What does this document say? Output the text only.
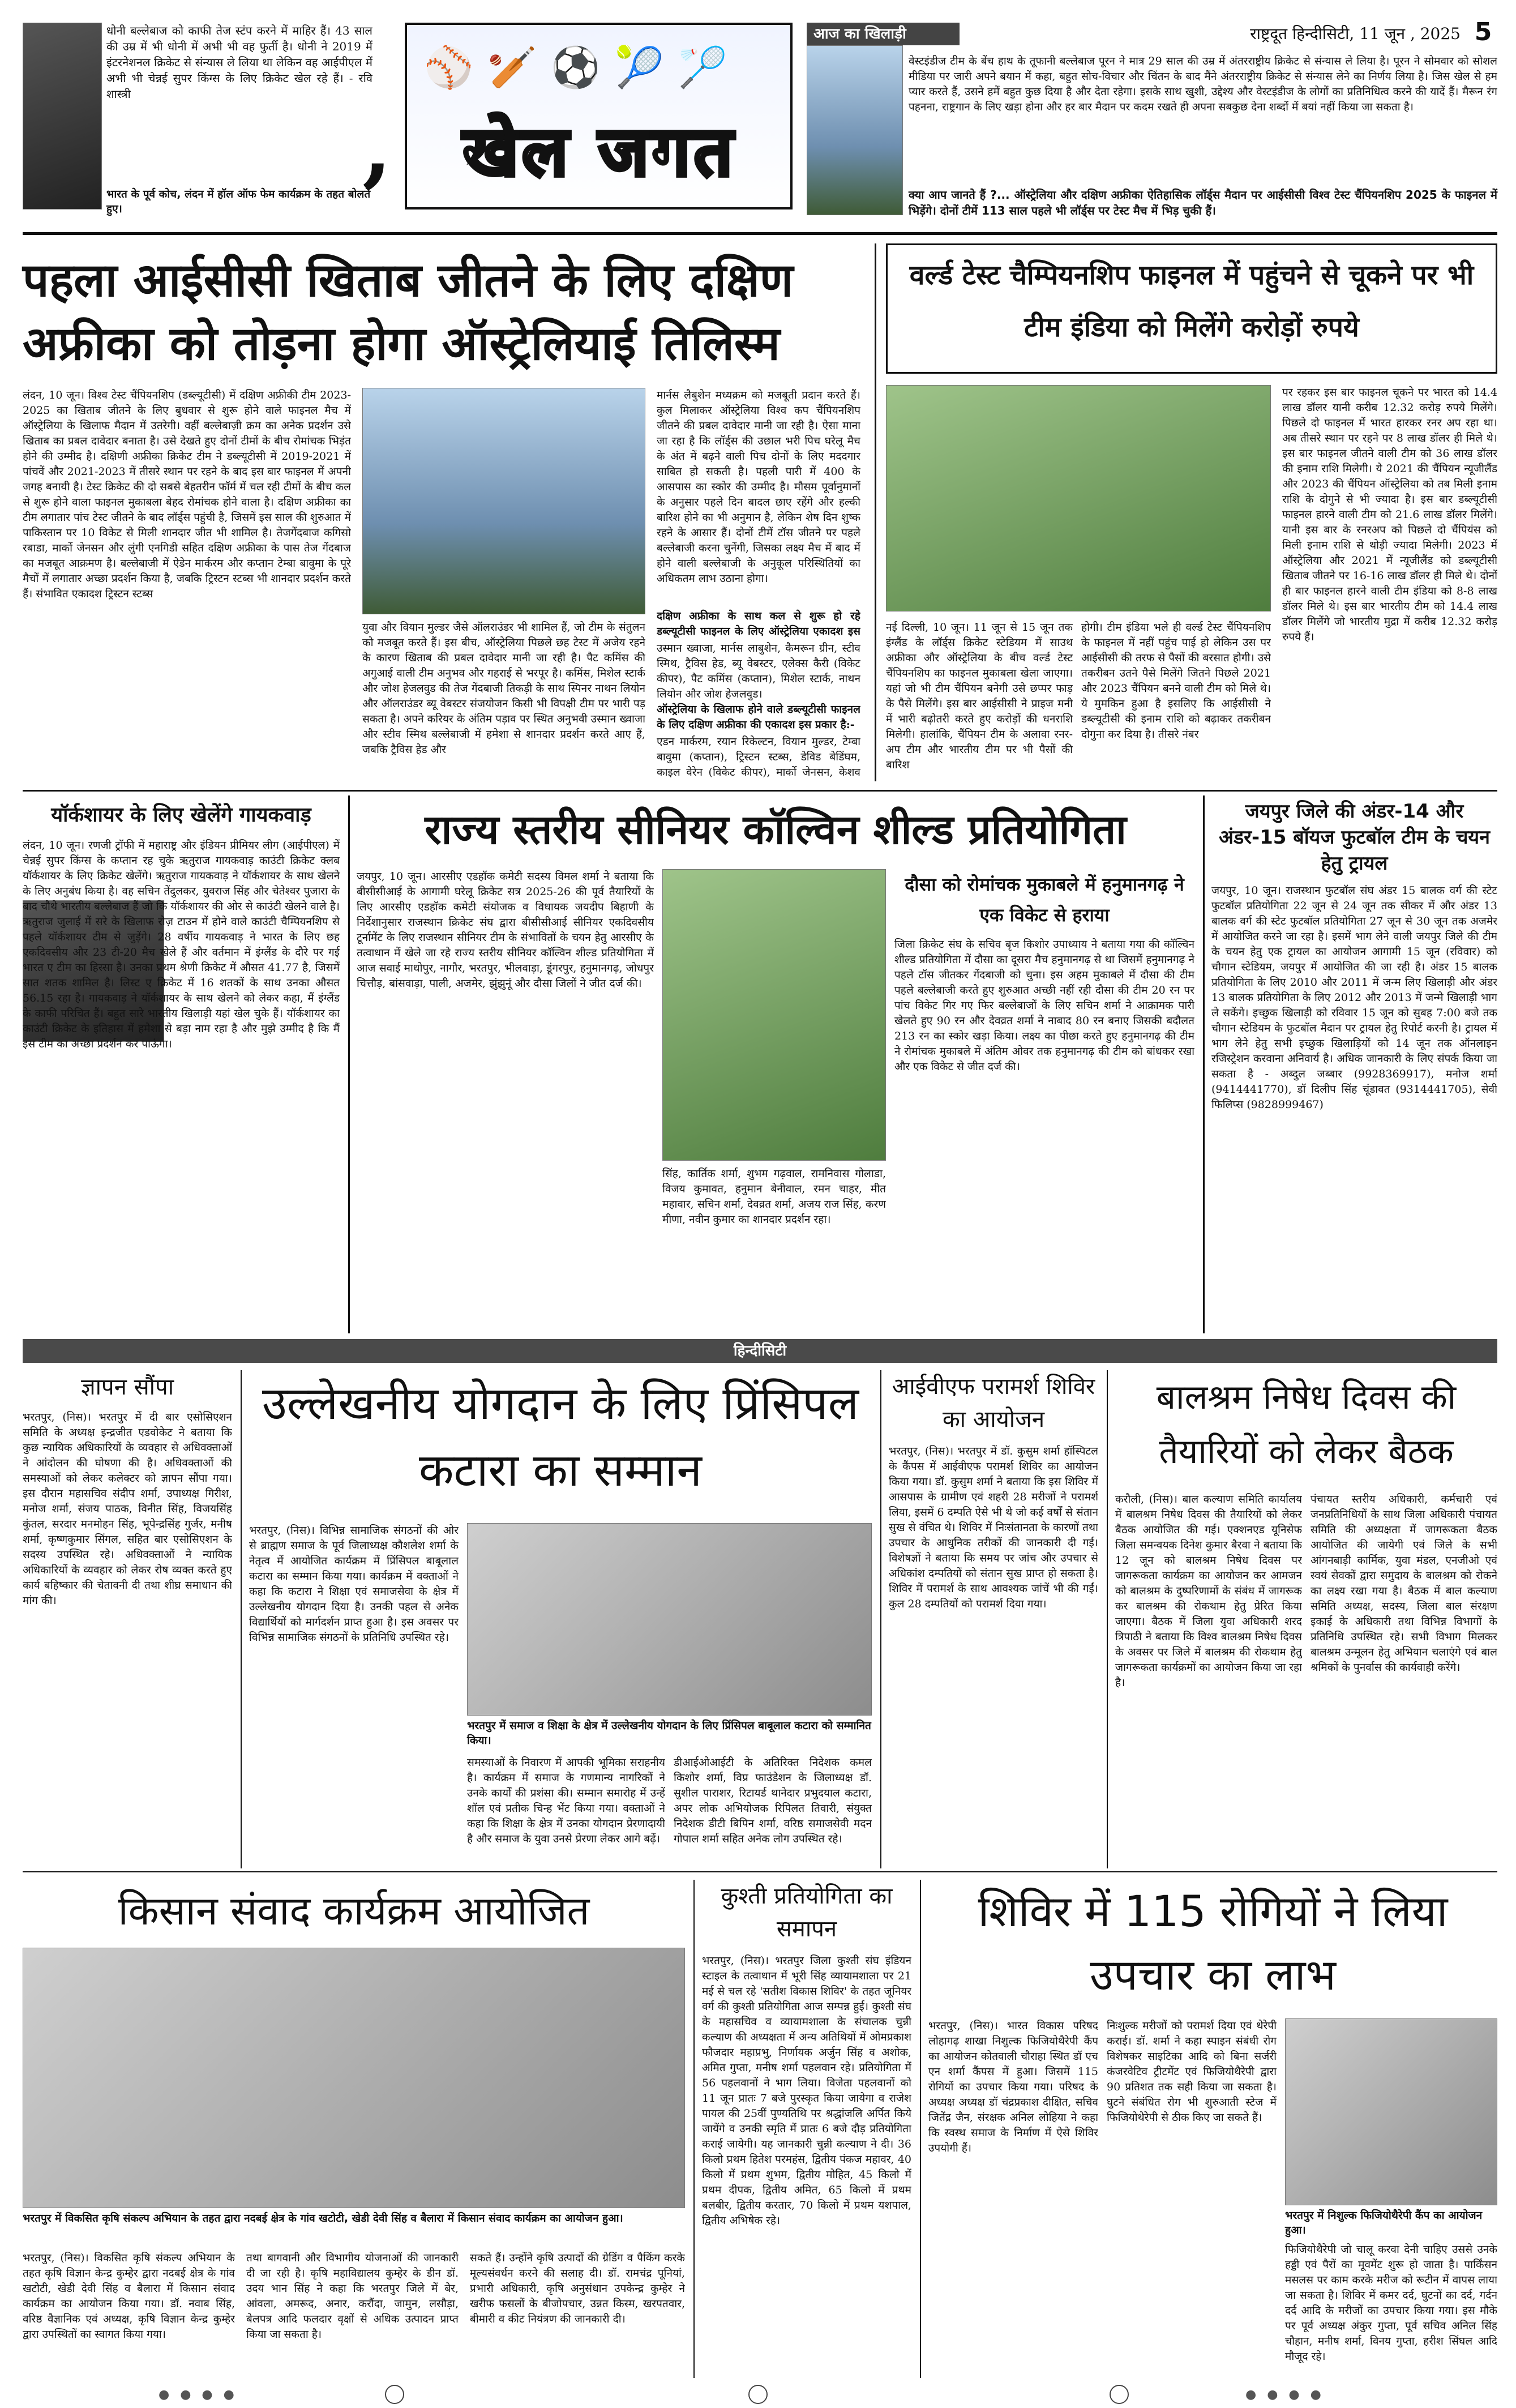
धोनी बल्लेबाज को काफी तेज स्टंप करने में माहिर हैं। 43 साल की उम्र में भी धोनी में अभी भी वह फुर्ती है। धोनी ने 2019 में इंटरनेशनल क्रिकेट से संन्यास ले लिया था लेकिन वह आईपीएल में अभी भी चेन्नई सुपर किंग्स के लिए क्रिकेट खेल रहे हैं। - रवि शास्त्री
भारत के पूर्व कोच, लंदन में हॉल ऑफ फेम कार्यक्रम के तहत बोलते हुए।
,
⚾🏏⚽🎾🏸
खेल जगत
आज का खिलाड़ी	राष्ट्रदूत हिन्दीसिटी, 11 जून , 2025 5
वेस्टइंडीज टीम के बेंच हाथ के तूफानी बल्लेबाज पूरन ने मात्र 29 साल की उम्र में अंतरराष्ट्रीय क्रिकेट से संन्यास ले लिया है। पूरन ने सोमवार को सोशल मीडिया पर जारी अपने बयान में कहा, बहुत सोच-विचार और चिंतन के बाद मैंने अंतरराष्ट्रीय क्रिकेट से संन्यास लेने का निर्णय लिया है। जिस खेल से हम प्यार करते हैं, उसने हमें बहुत कुछ दिया है और देता रहेगा। इसके साथ खुशी, उद्देश्य और वेस्टइंडीज के लोगों का प्रतिनिधित्व करने की यादें हैं। मैरून रंग पहनना, राष्ट्रगान के लिए खड़ा होना और हर बार मैदान पर कदम रखते ही अपना सबकुछ देना शब्दों में बयां नहीं किया जा सकता है।
क्या आप जानते हैं ?... ऑस्ट्रेलिया और दक्षिण अफ्रीका ऐतिहासिक लॉर्ड्स मैदान पर आईसीसी विश्व टेस्ट चैंपियनशिप 2025 के फाइनल में भिड़ेंगे। दोनों टीमें 113 साल पहले भी लॉर्ड्स पर टेस्ट मैच में भिड़ चुकी हैं।
पहला आईसीसी खिताब जीतने के लिए दक्षिण अफ्रीका को तोड़ना होगा ऑस्ट्रेलियाई तिलिस्म
लंदन, 10 जून। विश्व टेस्ट चैंपियनशिप (डब्ल्यूटीसी) में दक्षिण अफ्रीकी टीम 2023-2025 का खिताब जीतने के लिए बुधवार से शुरू होने वाले फाइनल मैच में ऑस्ट्रेलिया के खिलाफ मैदान में उतरेगी। वहीं बल्लेबाज़ी क्रम का अनेक प्रदर्शन उसे खिताब का प्रबल दावेदार बनाता है। उसे देखते हुए दोनों टीमों के बीच रोमांचक भिड़ंत होने की उम्मीद है। दक्षिणी अफ्रीका क्रिकेट टीम ने डब्ल्यूटीसी में 2019-2021 में पांचवें और 2021-2023 में तीसरे स्थान पर रहने के बाद इस बार फाइनल में अपनी जगह बनायी है। टेस्ट क्रिकेट की दो सबसे बेहतरीन फॉर्म में चल रही टीमों के बीच कल से शुरू होने वाला फाइनल मुकाबला बेहद रोमांचक होने वाला है। दक्षिण अफ्रीका का टीम लगातार पांच टेस्ट जीतने के बाद लॉर्ड्स पहुंची है, जिसमें इस साल की शुरुआत में पाकिस्तान पर 10 विकेट से मिली शानदार जीत भी शामिल है। तेजगेंदबाज कगिसो रबाडा, मार्को जेनसन और लुंगी एनगिडी सहित दक्षिण अफ्रीका के पास तेज गेंदबाज का मजबूत आक्रमण है। बल्लेबाजी में ऐडेन मार्करम और कप्तान टेम्बा बावुमा के पूरे मैचों में लगातार अच्छा प्रदर्शन किया है, जबकि ट्रिस्टन स्टब्स भी शानदार प्रदर्शन करते हैं। संभावित एकादश ट्रिस्टन स्टब्स
युवा और वियान मुल्डर जैसे ऑलराउंडर भी शामिल हैं, जो टीम के संतुलन को मजबूत करते हैं। इस बीच, ऑस्ट्रेलिया पिछले छह टेस्ट में अजेय रहने के कारण खिताब की प्रबल दावेदार मानी जा रही है। पैट कमिंस की अगुआई वाली टीम अनुभव और गहराई से भरपूर है। कमिंस, मिशेल स्टार्क और जोश हेजलवुड की तेज गेंदबाजी तिकड़ी के साथ स्पिनर नाथन लियोन और ऑलराउंडर ब्यू वेबस्टर संजयोजन किसी भी विपक्षी टीम पर भारी पड़ सकता है। अपने करियर के अंतिम पड़ाव पर स्थित अनुभवी उस्मान ख्वाजा और स्टीव स्मिथ बल्लेबाजी में हमेशा से शानदार प्रदर्शन करते आए हैं, जबकि ट्रैविस हेड और
मार्नस लैबुशेन मध्यक्रम को मजबूती प्रदान करते हैं। कुल मिलाकर ऑस्ट्रेलिया विश्व कप चैंपियनशिप जीतने की प्रबल दावेदार मानी जा रही है। ऐसा माना जा रहा है कि लॉर्ड्स की उछाल भरी पिच घरेलू मैच के अंत में बढ़ने वाली पिच दोनों के लिए मददगार साबित हो सकती है। पहली पारी में 400 के आसपास का स्कोर की उम्मीद है। मौसम पूर्वानुमानों के अनुसार पहले दिन बादल छाए रहेंगे और हल्की बारिश होने का भी अनुमान है, लेकिन शेष दिन शुष्क रहने के आसार हैं। दोनों टीमें टॉस जीतने पर पहले बल्लेबाजी करना चुनेंगी, जिसका लक्ष्य मैच में बाद में होने वाली बल्लेबाजी के अनुकूल परिस्थितियों का अधिकतम लाभ उठाना होगा।
दक्षिण अफ्रीका के साथ कल से शुरू हो रहे डब्ल्यूटीसी फाइनल के लिए ऑस्ट्रेलिया एकादश इस
उस्मान ख्वाजा, मार्नस लाबुशेन, कैमरून ग्रीन, स्टीव स्मिथ, ट्रैविस हेड, ब्यू वेबस्टर, एलेक्स कैरी (विकेट कीपर), पैट कमिंस (कप्तान), मिशेल स्टार्क, नाथन लियोन और जोश हेजलवुड।
ऑस्ट्रेलिया के खिलाफ होने वाले डब्ल्यूटीसी फाइनल के लिए दक्षिण अफ्रीका की एकादश इस प्रकार है:-
एडन मार्करम, रयान रिकेल्टन, वियान मुल्डर, टेम्बा बावुमा (कप्तान), ट्रिस्टन स्टब्स, डेविड बेडिंघम, काइल वेरेन (विकेट कीपर), मार्को जेनसन, केशव
वर्ल्ड टेस्ट चैम्पियनशिप फाइनल में पहुंचने से चूकने पर भी टीम इंडिया को मिलेंगे करोड़ों रुपये
नई दिल्ली, 10 जून। 11 जून से 15 जून तक इंग्लैंड के लॉर्ड्स क्रिकेट स्टेडियम में साउथ अफ्रीका और ऑस्ट्रेलिया के बीच वर्ल्ड टेस्ट चैंपियनशिप का फाइनल मुकाबला खेला जाएगा। यहां जो भी टीम चैंपियन बनेगी उसे छप्पर फाड़ के पैसे मिलेंगे। इस बार आईसीसी ने प्राइज मनी में भारी बढ़ोतरी करते हुए करोड़ों की धनराशि मिलेगी। हालांकि, चैंपियन टीम के अलावा रनर-अप टीम और भारतीय टीम पर भी पैसों की बारिश
होगी। टीम इंडिया भले ही वर्ल्ड टेस्ट चैंपियनशिप के फाइनल में नहीं पहुंच पाई हो लेकिन उस पर आईसीसी की तरफ से पैसों की बरसात होगी। उसे तकरीबन उतने पैसे मिलेंगे जितने पिछले 2021 और 2023 चैंपियन बनने वाली टीम को मिले थे। ये मुमकिन हुआ है इसलिए कि आईसीसी ने डब्ल्यूटीसी की इनाम राशि को बढ़ाकर तकरीबन दोगुना कर दिया है। तीसरे नंबर
पर रहकर इस बार फाइनल चूकने पर भारत को 14.4 लाख डॉलर यानी करीब 12.32 करोड़ रुपये मिलेंगे। पिछले दो फाइनल में भारत हारकर रनर अप रहा था। अब तीसरे स्थान पर रहने पर 8 लाख डॉलर ही मिले थे। इस बार फाइनल जीतने वाली टीम को 36 लाख डॉलर की इनाम राशि मिलेगी। ये 2021 की चैंपियन न्यूजीलैंड और 2023 की चैंपियन ऑस्ट्रेलिया को तब मिली इनाम राशि के दोगुने से भी ज्यादा है। इस बार डब्ल्यूटीसी फाइनल हारने वाली टीम को 21.6 लाख डॉलर मिलेंगे। यानी इस बार के रनरअप को पिछले दो चैंपियंस को मिली इनाम राशि से थोड़ी ज्यादा मिलेगी। 2023 में ऑस्ट्रेलिया और 2021 में न्यूजीलैंड को डब्ल्यूटीसी खिताब जीतने पर 16-16 लाख डॉलर ही मिले थे। दोनों ही बार फाइनल हारने वाली टीम इंडिया को 8-8 लाख डॉलर मिले थे। इस बार भारतीय टीम को 14.4 लाख डॉलर मिलेंगे जो भारतीय मुद्रा में करीब 12.32 करोड़ रुपये हैं।
यॉर्कशायर के लिए खेलेंगे गायकवाड़
लंदन, 10 जून। रणजी ट्रॉफी में महाराष्ट्र और इंडियन प्रीमियर लीग (आईपीएल) में चेन्नई सुपर किंग्स के कप्तान रह चुके ऋतुराज गायकवाड़ काउंटी क्रिकेट क्लब यॉर्कशायर के लिए क्रिकेट खेलेंगे। ऋतुराज गायकवाड़ ने यॉर्कशायर के साथ खेलने के लिए अनुबंध किया है। वह सचिन तेंदुलकर, युवराज सिंह और चेतेश्वर पुजारा के बाद चौथे भारतीय बल्लेबाज हैं जो कि यॉर्कशायर की ओर से काउंटी खेलने वाले है। ऋतुराज जुलाई में सरे के खिलाफ रोज़ टाउन में होने वाले काउंटी चैम्पियनशिप से पहले यॉर्कशायर टीम से जुड़ेंगे। 28 वर्षीय गायकवाड़ ने भारत के लिए छह एकदिवसीय और 23 टी-20 मैच खेले हैं और वर्तमान में इंग्लैंड के दौरे पर गई भारत ए टीम का हिस्सा है। उनका प्रथम श्रेणी क्रिकेट में औसत 41.77 है, जिसमें सात शतक शामिल है। लिस्ट ए क्रिकेट में 16 शतकों के साथ उनका औसत 56.15 रहा है। गायकवाड़ ने यॉर्कशायर के साथ खेलने को लेकर कहा, मैं इंग्लैंड के काफी परिचित हैं। बहुत सारे भारतीय खिलाड़ी यहां खेल चुके हैं। यॉर्कशायर का काउंटी क्रिकेट के इतिहास में हमेशा से बड़ा नाम रहा है और मुझे उम्मीद है कि मैं इस टीम का अच्छा प्रदर्शन कर पाऊंगा।
राज्य स्तरीय सीनियर कॉल्विन शील्ड प्रतियोगिता
जयपुर, 10 जून। आरसीए एडहॉक कमेटी सदस्य विमल शर्मा ने बताया कि बीसीसीआई के आगामी घरेलू क्रिकेट सत्र 2025-26 की पूर्व तैयारियों के लिए आरसीए एडहॉक कमेटी संयोजक व विधायक जयदीप बिहाणी के निर्देशानुसार राजस्थान क्रिकेट संघ द्वारा बीसीसीआई सीनियर एकदिवसीय टूर्नामेंट के लिए राजस्थान सीनियर टीम के संभावितों के चयन हेतु आरसीए के तत्वाधान में खेले जा रहे राज्य स्तरीय सीनियर कॉल्विन शील्ड प्रतियोगिता में आज सवाई माधोपुर, नागौर, भरतपुर, भीलवाड़ा, डूंगरपुर, हनुमानगढ़, जोधपुर चित्तौड़, बांसवाड़ा, पाली, अजमेर, झुंझुनूं और दौसा जिलों ने जीत दर्ज की।
सिंह, कार्तिक शर्मा, शुभम गढ़वाल, रामनिवास गोलाडा, विजय कुमावत, हनुमान बेनीवाल, रमन चाहर, मीत महावार, सचिन शर्मा, देवव्रत शर्मा, अजय राज सिंह, करण मीणा, नवीन कुमार का शानदार प्रदर्शन रहा।
दौसा को रोमांचक मुकाबले में हनुमानगढ़ ने एक विकेट से हराया
जिला क्रिकेट संघ के सचिव बृज किशोर उपाध्याय ने बताया गया की कॉल्विन शील्ड प्रतियोगिता में दौसा का दूसरा मैच हनुमानगढ़ से था जिसमें हनुमानगढ़ ने पहले टॉस जीतकर गेंदबाजी को चुना। इस अहम मुकाबले में दौसा की टीम पहले बल्लेबाजी करते हुए शुरुआत अच्छी नहीं रही दौसा की टीम 20 रन पर पांच विकेट गिर गए फिर बल्लेबाजों के लिए सचिन शर्मा ने आक्रामक पारी खेलते हुए 90 रन और देवव्रत शर्मा ने नाबाद 80 रन बनाए जिसकी बदौलत 213 रन का स्कोर खड़ा किया। लक्ष्य का पीछा करते हुए हनुमानगढ़ की टीम ने रोमांचक मुकाबले में अंतिम ओवर तक हनुमानगढ़ की टीम को बांधकर रखा और एक विकेट से जीत दर्ज की।
जयपुर जिले की अंडर-14 और अंडर-15 बॉयज फुटबॉल टीम के चयन हेतु ट्रायल
जयपुर, 10 जून। राजस्थान फुटबॉल संघ अंडर 15 बालक वर्ग की स्टेट फुटबॉल प्रतियोगिता 22 जून से 24 जून तक सीकर में और अंडर 13 बालक वर्ग की स्टेट फुटबॉल प्रतियोगिता 27 जून से 30 जून तक अजमेर में आयोजित करने जा रहा है। इसमें भाग लेने वाली जयपुर जिले की टीम के चयन हेतु एक ट्रायल का आयोजन आगामी 15 जून (रविवार) को चौगान स्टेडियम, जयपुर में आयोजित की जा रही है। अंडर 15 बालक प्रतियोगिता के लिए 2010 और 2011 में जन्म लिए खिलाड़ी और अंडर 13 बालक प्रतियोगिता के लिए 2012 और 2013 में जन्मे खिलाड़ी भाग ले सकेंगे। इच्छुक खिलाड़ी को रविवार 15 जून को सुबह 7:00 बजे तक चौगान स्टेडियम के फुटबॉल मैदान पर ट्रायल हेतु रिपोर्ट करनी है। ट्रायल में भाग लेने हेतु सभी इच्छुक खिलाड़ियों को 14 जून तक ऑनलाइन रजिस्ट्रेशन करवाना अनिवार्य है। अधिक जानकारी के लिए संपर्क किया जा सकता है - अब्दुल जब्बार (9928369917), मनोज शर्मा (9414441770), डॉ दिलीप सिंह चूंडावत (9314441705), सेवी फिलिप्स (9828999467)
हिन्दीसिटी
ज्ञापन सौंपा
भरतपुर, (निस)। भरतपुर में दी बार एसोसिएशन समिति के अध्यक्ष इन्द्रजीत एडवोकेट ने बताया कि कुछ न्यायिक अधिकारियों के व्यवहार से अधिवक्ताओं ने आंदोलन की घोषणा की है। अधिवक्ताओं की समस्याओं को लेकर कलेक्टर को ज्ञापन सौंपा गया। इस दौरान महासचिव संदीप शर्मा, उपाध्यक्ष गिरीश, मनोज शर्मा, संजय पाठक, विनीत सिंह, विजयसिंह कुंतल, सरदार मनमोहन सिंह, भूपेन्द्रसिंह गुर्जर, मनीष शर्मा, कृष्णकुमार सिंगल, सहित बार एसोसिएशन के सदस्य उपस्थित रहे। अधिवक्ताओं ने न्यायिक अधिकारियों के व्यवहार को लेकर रोष व्यक्त करते हुए कार्य बहिष्कार की चेतावनी दी तथा शीघ्र समाधान की मांग की।
उल्लेखनीय योगदान के लिए प्रिंसिपल कटारा का सम्मान
भरतपुर, (निस)। विभिन्न सामाजिक संगठनों की ओर से ब्राह्मण समाज के पूर्व जिलाध्यक्ष कौशलेश शर्मा के नेतृत्व में आयोजित कार्यक्रम में प्रिंसिपल बाबूलाल कटारा का सम्मान किया गया। कार्यक्रम में वक्ताओं ने कहा कि कटारा ने शिक्षा एवं समाजसेवा के क्षेत्र में उल्लेखनीय योगदान दिया है। उनकी पहल से अनेक विद्यार्थियों को मार्गदर्शन प्राप्त हुआ है। इस अवसर पर विभिन्न सामाजिक संगठनों के प्रतिनिधि उपस्थित रहे।
भरतपुर में समाज व शिक्षा के क्षेत्र में उल्लेखनीय योगदान के लिए प्रिंसिपल बाबूलाल कटारा को सम्मानित किया।
समस्याओं के निवारण में आपकी भूमिका सराहनीय है। कार्यक्रम में समाज के गणमान्य नागरिकों ने उनके कार्यों की प्रशंसा की। सम्मान समारोह में उन्हें शॉल एवं प्रतीक चिन्ह भेंट किया गया। वक्ताओं ने कहा कि शिक्षा के क्षेत्र में उनका योगदान प्रेरणादायी है और समाज के युवा उनसे प्रेरणा लेकर आगे बढ़ें।
डीआईओआईटी के अतिरिक्त निदेशक कमल किशोर शर्मा, विप्र फाउंडेशन के जिलाध्यक्ष डॉ. सुशील पाराशर, रिटायर्ड थानेदार प्रभुदयाल कटारा, अपर लोक अभियोजक रिपिलत तिवारी, संयुक्त निदेशक डीटी बिपिन शर्मा, वरिष्ठ समाजसेवी मदन गोपाल शर्मा सहित अनेक लोग उपस्थित रहे।
आईवीएफ परामर्श शिविर का आयोजन
भरतपुर, (निस)। भरतपुर में डॉ. कुसुम शर्मा हॉस्पिटल के कैंपस में आईवीएफ परामर्श शिविर का आयोजन किया गया। डॉ. कुसुम शर्मा ने बताया कि इस शिविर में आसपास के ग्रामीण एवं शहरी 28 मरीजों ने परामर्श लिया, इसमें 6 दम्पति ऐसे भी थे जो कई वर्षों से संतान सुख से वंचित थे। शिविर में निःसंतानता के कारणों तथा उपचार के आधुनिक तरीकों की जानकारी दी गई। विशेषज्ञों ने बताया कि समय पर जांच और उपचार से अधिकांश दम्पतियों को संतान सुख प्राप्त हो सकता है। शिविर में परामर्श के साथ आवश्यक जांचें भी की गईं। कुल 28 दम्पतियों को परामर्श दिया गया।
बालश्रम निषेध दिवस की तैयारियों को लेकर बैठक
करौली, (निस)। बाल कल्याण समिति कार्यालय में बालश्रम निषेध दिवस की तैयारियों को लेकर बैठक आयोजित की गई। एक्शनएड यूनिसेफ जिला समन्वयक दिनेश कुमार बैरवा ने बताया कि 12 जून को बालश्रम निषेध दिवस पर जागरूकता कार्यक्रम का आयोजन कर आमजन को बालश्रम के दुष्परिणामों के संबंध में जागरूक कर बालश्रम की रोकथाम हेतु प्रेरित किया जाएगा। बैठक में जिला युवा अधिकारी शरद त्रिपाठी ने बताया कि विश्व बालश्रम निषेध दिवस के अवसर पर जिले में बालश्रम की रोकथाम हेतु जागरूकता कार्यक्रमों का आयोजन किया जा रहा है।
पंचायत स्तरीय अधिकारी, कर्मचारी एवं जनप्रतिनिधियों के साथ जिला अधिकारी पंचायत समिति की अध्यक्षता में जागरूकता बैठक आयोजित की जायेगी एवं जिले के सभी आंगनबाड़ी कार्मिक, युवा मंडल, एनजीओ एवं स्वयं सेवकों द्वारा समुदाय के बालश्रम को रोकने का लक्ष्य रखा गया है। बैठक में बाल कल्याण समिति अध्यक्ष, सदस्य, जिला बाल संरक्षण इकाई के अधिकारी तथा विभिन्न विभागों के प्रतिनिधि उपस्थित रहे। सभी विभाग मिलकर बालश्रम उन्मूलन हेतु अभियान चलाएंगे एवं बाल श्रमिकों के पुनर्वास की कार्यवाही करेंगे।
किसान संवाद कार्यक्रम आयोजित
भरतपुर में विकसित कृषि संकल्प अभियान के तहत द्वारा नदबई क्षेत्र के गांव खटोटी, खेडी देवी सिंह व बैलारा में किसान संवाद कार्यक्रम का आयोजन हुआ।
भरतपुर, (निस)। विकसित कृषि संकल्प अभियान के तहत कृषि विज्ञान केन्द्र कुम्हेर द्वारा नदबई क्षेत्र के गांव खटोटी, खेडी देवी सिंह व बैलारा में किसान संवाद कार्यक्रम का आयोजन किया गया। डॉ. नवाब सिंह, वरिष्ठ वैज्ञानिक एवं अध्यक्ष, कृषि विज्ञान केन्द्र कुम्हेर द्वारा उपस्थितों का स्वागत किया गया।
तथा बागवानी और विभागीय योजनाओं की जानकारी दी जा रही है। कृषि महाविद्यालय कुम्हेर के डीन डॉ. उदय भान सिंह ने कहा कि भरतपुर जिले में बेर, आंवला, अमरूद, अनार, करौंदा, जामुन, लसौड़ा, बेलपत्र आदि फलदार वृक्षों से अधिक उत्पादन प्राप्त किया जा सकता है।
सकते हैं। उन्होंने कृषि उत्पादों की ग्रेडिंग व पैकिंग करके मूल्यसंवर्धन करने की सलाह दी। डॉ. रामचंद्र पूनियां, प्रभारी अधिकारी, कृषि अनुसंधान उपकेन्द्र कुम्हेर ने खरीफ फसलों के बीजोपचार, उन्नत किस्म, खरपतवार, बीमारी व कीट नियंत्रण की जानकारी दी।
कुश्ती प्रतियोगिता का समापन
भरतपुर, (निस)। भरतपुर जिला कुश्ती संघ इंडियन स्टाइल के तत्वाधान में भूरी सिंह व्यायामशाला पर 21 मई से चल रहे 'सतीश विकास शिविर' के तहत जूनियर वर्ग की कुश्ती प्रतियोगिता आज सम्पन्न हुई। कुश्ती संघ के महासचिव व व्यायामशाला के संचालक चुन्नी कल्याण की अध्यक्षता में अन्य अतिथियों में ओमप्रकाश फौजदार महाप्रभु, निर्णायक अर्जुन सिंह व अशोक, अमित गुप्ता, मनीष शर्मा पहलवान रहे। प्रतियोगिता में 56 पहलवानों ने भाग लिया। विजेता पहलवानों को 11 जून प्रातः 7 बजे पुरस्कृत किया जायेगा व राजेश पायल की 25वीं पुण्यतिथि पर श्रद्धांजलि अर्पित किये जायेंगे व उनकी स्मृति में प्रातः 6 बजे दौड़ प्रतियोगिता कराई जायेगी। यह जानकारी चुन्नी कल्याण ने दी। 36 किलो प्रथम हितेश परमहंस, द्वितीय पंकज महावर, 40 किलो में प्रथम शुभम, द्वितीय मोहित, 45 किलो में प्रथम दीपक, द्वितीय अमित, 65 किलो में प्रथम बलबीर, द्वितीय करतार, 70 किलो में प्रथम यशपाल, द्वितीय अभिषेक रहे।
शिविर में 115 रोगियों ने लिया उपचार का लाभ
भरतपुर, (निस)। भारत विकास परिषद लोहागढ़ शाखा निशुल्क फिजियोथैरेपी कैंप का आयोजन कोतवाली चौराहा स्थित डॉ एच एन शर्मा कैंपस में हुआ। जिसमें 115 रोगियों का उपचार किया गया। परिषद के अध्यक्ष अध्यक्ष डॉ चंद्रप्रकाश दीक्षित, सचिव जितेंद्र जैन, संरक्षक अनिल लोहिया ने कहा कि स्वस्थ समाज के निर्माण में ऐसे शिविर उपयोगी हैं।
निःशुल्क मरीजों को परामर्श दिया एवं थेरेपी कराई। डॉ. शर्मा ने कहा स्पाइन संबंधी रोग विशेषकर साइटिका आदि को बिना सर्जरी कंजरवेटिव ट्रीटमेंट एवं फिजियोथैरेपी द्वारा 90 प्रतिशत तक सही किया जा सकता है। घुटने संबंधित रोग भी शुरुआती स्टेज में फिजियोथेरेपी से ठीक किए जा सकते हैं।
भरतपुर में निशुल्क फिजियोथैरेपी कैंप का आयोजन हुआ।
फिजियोथैरेपी जो चालू करवा देनी चाहिए उससे उनके हड्डी एवं पैरों का मूवमेंट शुरू हो जाता है। पार्किंसन मसलस पर काम करके मरीज को रूटीन में वापस लाया जा सकता है। शिविर में कमर दर्द, घुटनों का दर्द, गर्दन दर्द आदि के मरीजों का उपचार किया गया। इस मौके पर पूर्व अध्यक्ष अंकुर गुप्ता, पूर्व सचिव अनिल सिंह चौहान, मनीष शर्मा, विनय गुप्ता, हरीश सिंघल आदि मौजूद रहे।
● ● ● ●	● ● ● ●
